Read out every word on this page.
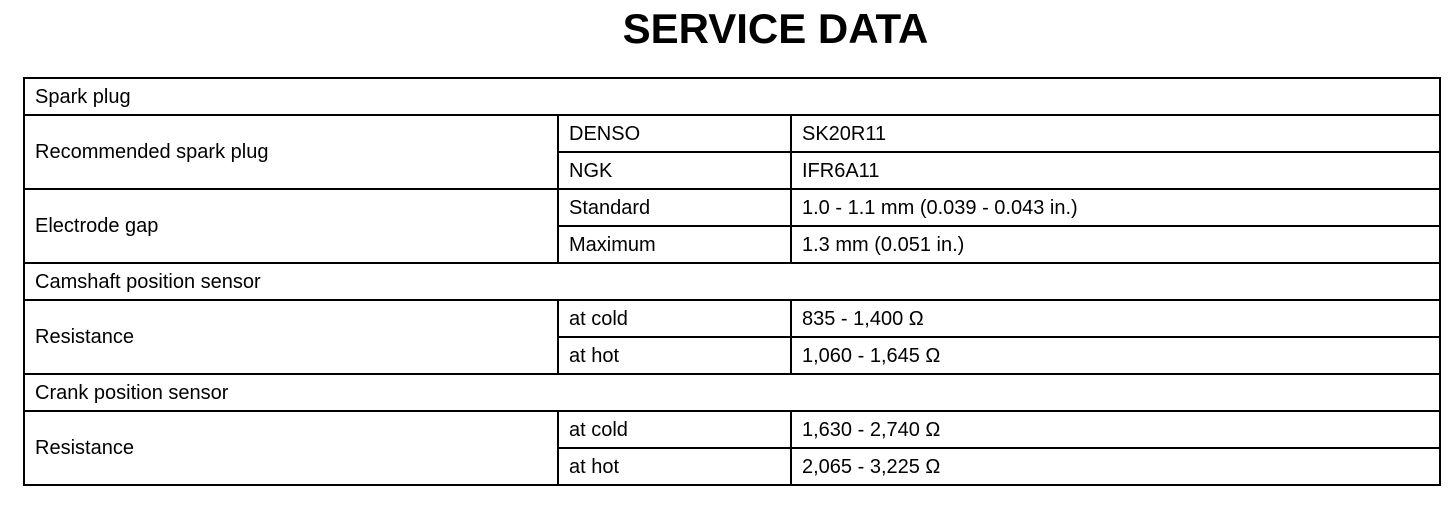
SERVICE DATA
Spark plug		
Recommended spark plug	DENSO	SK20R11
	NGK	IFR6A11
Electrode gap	Standard	1.0 - 1.1 mm (0.039 - 0.043 in.)
	Maximum	1.3 mm (0.051 in.)
Camshaft position sensor		
Resistance	at cold	835 - 1,400 Ω
	at hot	1,060 - 1,645 Ω
Crank position sensor		
Resistance	at cold	1,630 - 2,740 Ω
	at hot	2,065 - 3,225 Ω
